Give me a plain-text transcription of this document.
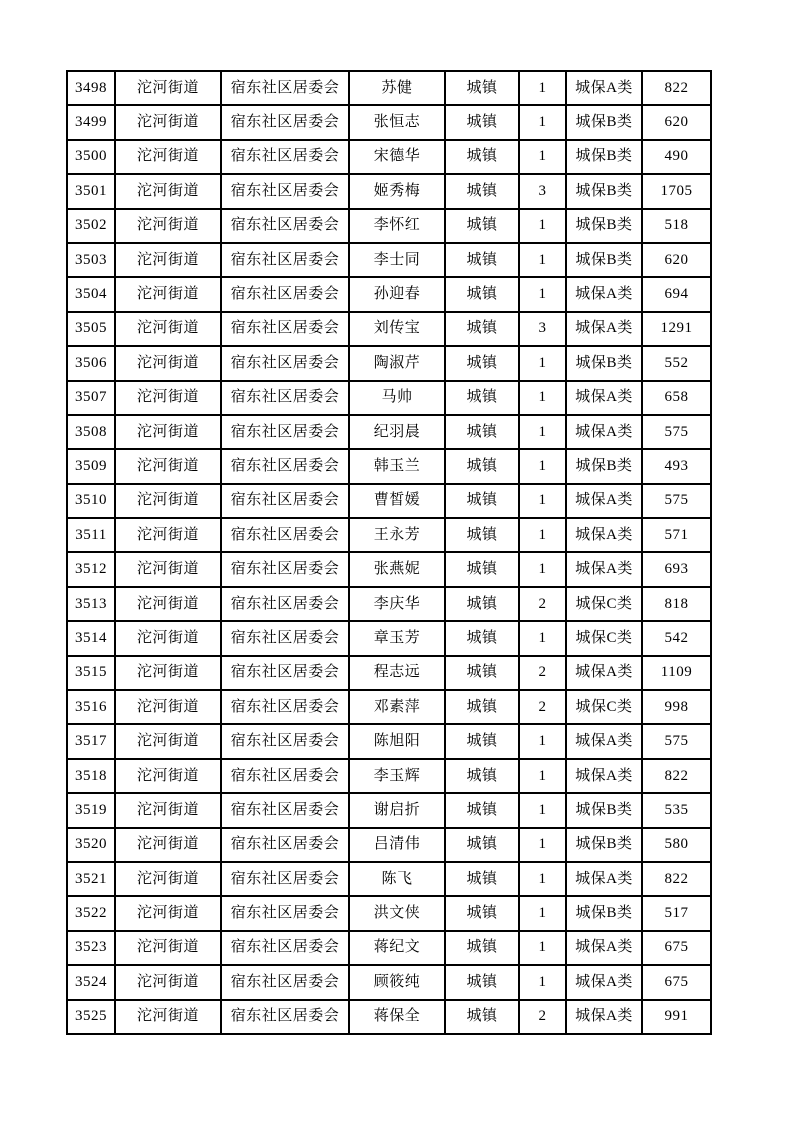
3498	沱河街道	宿东社区居委会	苏健	城镇	1	城保A类	822
3499	沱河街道	宿东社区居委会	张恒志	城镇	1	城保B类	620
3500	沱河街道	宿东社区居委会	宋德华	城镇	1	城保B类	490
3501	沱河街道	宿东社区居委会	姬秀梅	城镇	3	城保B类	1705
3502	沱河街道	宿东社区居委会	李怀红	城镇	1	城保B类	518
3503	沱河街道	宿东社区居委会	李士同	城镇	1	城保B类	620
3504	沱河街道	宿东社区居委会	孙迎春	城镇	1	城保A类	694
3505	沱河街道	宿东社区居委会	刘传宝	城镇	3	城保A类	1291
3506	沱河街道	宿东社区居委会	陶淑芹	城镇	1	城保B类	552
3507	沱河街道	宿东社区居委会	马帅	城镇	1	城保A类	658
3508	沱河街道	宿东社区居委会	纪羽晨	城镇	1	城保A类	575
3509	沱河街道	宿东社区居委会	韩玉兰	城镇	1	城保B类	493
3510	沱河街道	宿东社区居委会	曹皙媛	城镇	1	城保A类	575
3511	沱河街道	宿东社区居委会	王永芳	城镇	1	城保A类	571
3512	沱河街道	宿东社区居委会	张燕妮	城镇	1	城保A类	693
3513	沱河街道	宿东社区居委会	李庆华	城镇	2	城保C类	818
3514	沱河街道	宿东社区居委会	章玉芳	城镇	1	城保C类	542
3515	沱河街道	宿东社区居委会	程志远	城镇	2	城保A类	1109
3516	沱河街道	宿东社区居委会	邓素萍	城镇	2	城保C类	998
3517	沱河街道	宿东社区居委会	陈旭阳	城镇	1	城保A类	575
3518	沱河街道	宿东社区居委会	李玉辉	城镇	1	城保A类	822
3519	沱河街道	宿东社区居委会	谢启折	城镇	1	城保B类	535
3520	沱河街道	宿东社区居委会	吕清伟	城镇	1	城保B类	580
3521	沱河街道	宿东社区居委会	陈飞	城镇	1	城保A类	822
3522	沱河街道	宿东社区居委会	洪文侠	城镇	1	城保B类	517
3523	沱河街道	宿东社区居委会	蒋纪文	城镇	1	城保A类	675
3524	沱河街道	宿东社区居委会	顾筱纯	城镇	1	城保A类	675
3525	沱河街道	宿东社区居委会	蒋保全	城镇	2	城保A类	991
